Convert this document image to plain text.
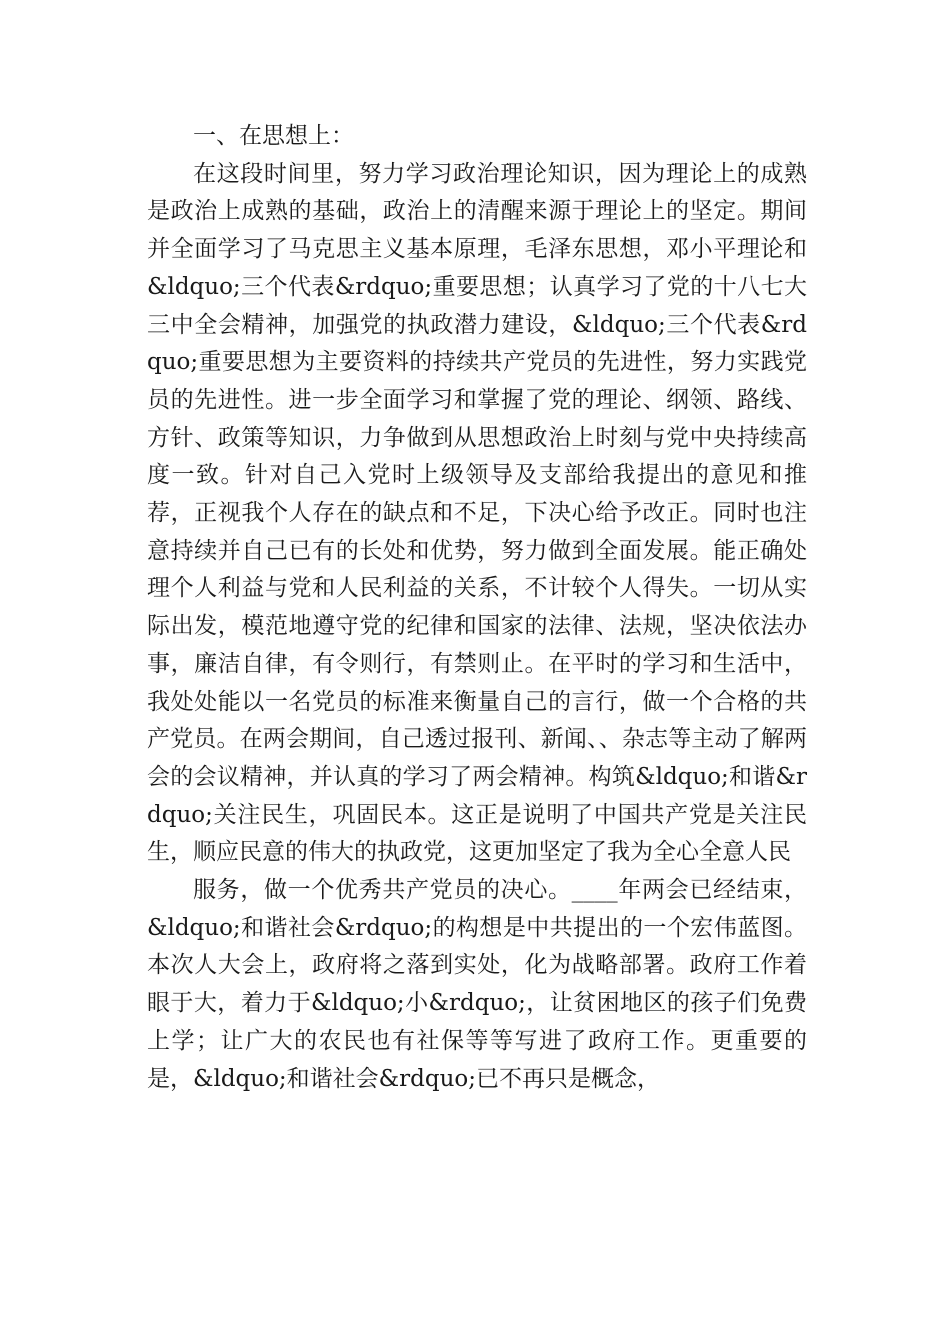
一、在思想上：

在这段时间里，努力学习政治理论知识，因为理论上的成熟是政治上成熟的基础，政治上的清醒来源于理论上的坚定。期间并全面学习了马克思主义基本原理，毛泽东思想，邓小平理论和&ldquo;三个代表&rdquo;重要思想；认真学习了党的十八七大三中全会精神，加强党的执政潜力建设，&ldquo;三个代表&rdquo;重要思想为主要资料的持续共产党员的先进性，努力实践党员的先进性。进一步全面学习和掌握了党的理论、纲领、路线、方针、政策等知识，力争做到从思想政治上时刻与党中央持续高度一致。针对自己入党时上级领导及支部给我提出的意见和推荐，正视我个人存在的缺点和不足，下决心给予改正。同时也注意持续并自己已有的长处和优势，努力做到全面发展。能正确处理个人利益与党和人民利益的关系，不计较个人得失。一切从实际出发，模范地遵守党的纪律和国家的法律、法规，坚决依法办事，廉洁自律，有令则行，有禁则止。在平时的学习和生活中，我处处能以一名党员的标准来衡量自己的言行，做一个合格的共产党员。在两会期间，自己透过报刊、新闻、、杂志等主动了解两会的会议精神，并认真的学习了两会精神。构筑&ldquo;和谐&rdquo;关注民生，巩固民本。这正是说明了中国共产党是关注民生，顺应民意的伟大的执政党，这更加坚定了我为全心全意人民

服务，做一个优秀共产党员的决心。____年两会已经结束，&ldquo;和谐社会&rdquo;的构想是中共提出的一个宏伟蓝图。本次人大会上，政府将之落到实处，化为战略部署。政府工作着眼于大，着力于&ldquo;小&rdquo;，让贫困地区的孩子们免费上学；让广大的农民也有社保等等写进了政府工作。更重要的是，&ldquo;和谐社会&rdquo;已不再只是概念，
